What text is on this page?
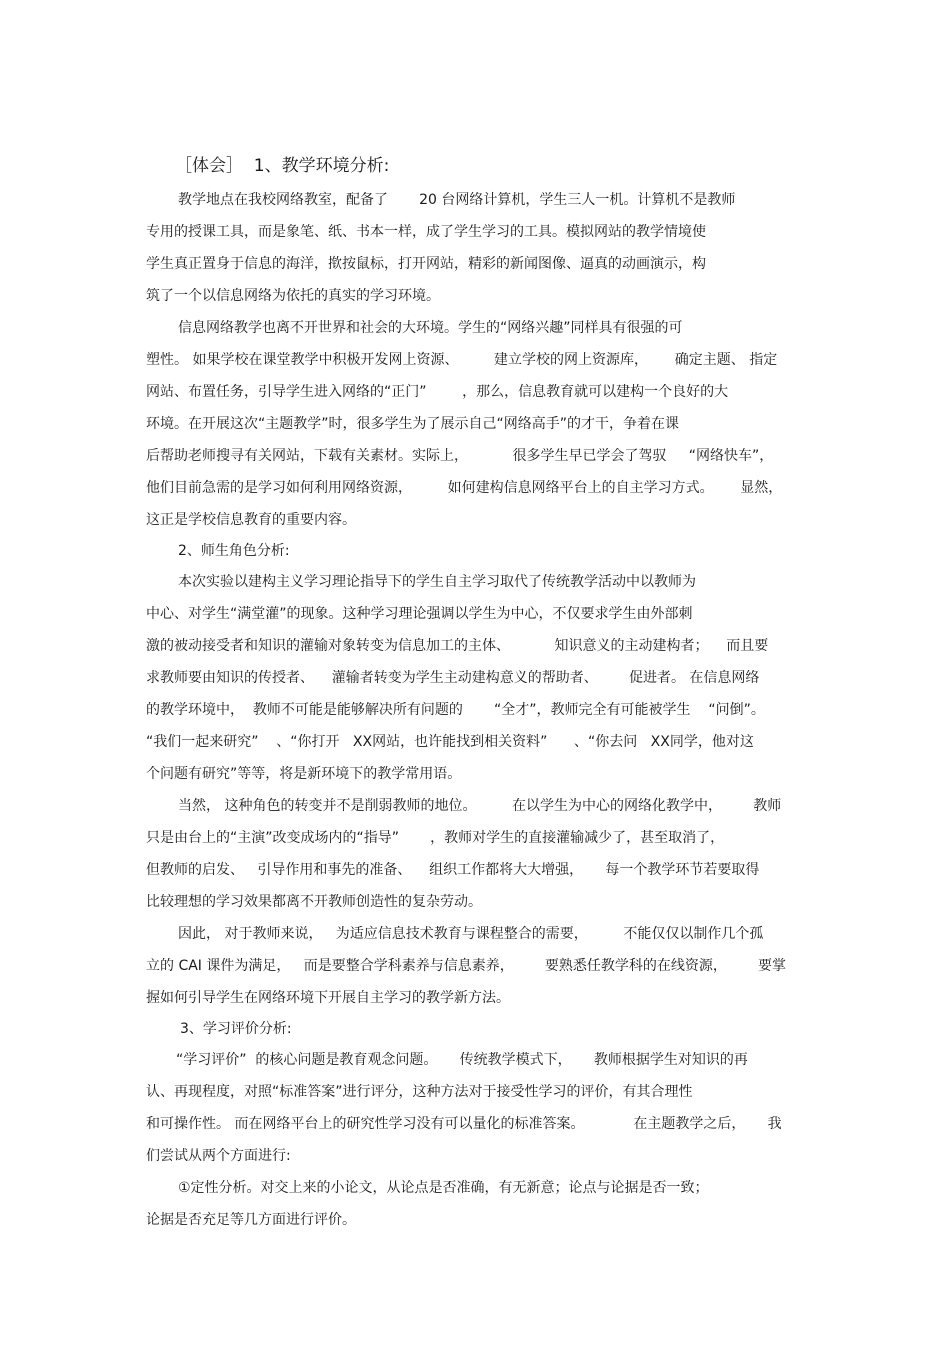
［体会］  1、教学环境分析:
教学地点在我校网络教室，配备了       20 台网络计算机，学生三人一机。计算机不是教师
专用的授课工具，而是象笔、纸、书本一样，成了学生学习的工具。模拟网站的教学情境使
学生真正置身于信息的海洋，揿按鼠标，打开网站，精彩的新闻图像、逼真的动画演示，构
筑了一个以信息网络为依托的真实的学习环境。
信息网络教学也离不开世界和社会的大环境。学生的“网络兴趣”同样具有很强的可
塑性。 如果学校在课堂教学中积极开发网上资源、        建立学校的网上资源库，      确定主题、 指定
网站、布置任务，引导学生进入网络的“正门”        ，那么，信息教育就可以建构一个良好的大
环境。在开展这次“主题教学”时，很多学生为了展示自己“网络高手”的才干，争着在课
后帮助老师搜寻有关网站，下载有关素材。实际上，          很多学生早已学会了驾驭     “网络快车”，
他们目前急需的是学习如何利用网络资源，        如何建构信息网络平台上的自主学习方式。      显然，
这正是学校信息教育的重要内容。
2、师生角色分析:
本次实验以建构主义学习理论指导下的学生自主学习取代了传统教学活动中以教师为
中心、对学生“满堂灌”的现象。这种学习理论强调以学生为中心，不仅要求学生由外部刺
激的被动接受者和知识的灌输对象转变为信息加工的主体、          知识意义的主动建构者；    而且要
求教师要由知识的传授者、    灌输者转变为学生主动建构意义的帮助者、       促进者。 在信息网络
的教学环境中，  教师不可能是能够解决所有问题的       “全才”，教师完全有可能被学生    “问倒”。
“我们一起来研究”    、“你打开   XX网站，也许能找到相关资料”      、“你去问   XX同学，他对这
个问题有研究”等等，将是新环境下的教学常用语。
当然， 这种角色的转变并不是削弱教师的地位。        在以学生为中心的网络化教学中，       教师
只是由台上的“主演”改变成场内的“指导”       ，教师对学生的直接灌输减少了，甚至取消了，
但教师的启发、   引导作用和事先的准备、    组织工作都将大大增强，     每一个教学环节若要取得
比较理想的学习效果都离不开教师创造性的复杂劳动。
因此， 对于教师来说，   为适应信息技术教育与课程整合的需要，        不能仅仅以制作几个孤
立的 CAI 课件为满足，   而是要整合学科素养与信息素养，       要熟悉任教学科的在线资源，       要掌
握如何引导学生在网络环境下开展自主学习的教学新方法。
3、学习评价分析:
“学习评价”  的核心问题是教育观念问题。     传统教学模式下，     教师根据学生对知识的再
认、再现程度，对照“标准答案”进行评分，这种方法对于接受性学习的评价，有其合理性
和可操作性。 而在网络平台上的研究性学习没有可以量化的标准答案。           在主题教学之后，     我
们尝试从两个方面进行:
①定性分析。对交上来的小论文，从论点是否准确，有无新意；论点与论据是否一致；
论据是否充足等几方面进行评价。
